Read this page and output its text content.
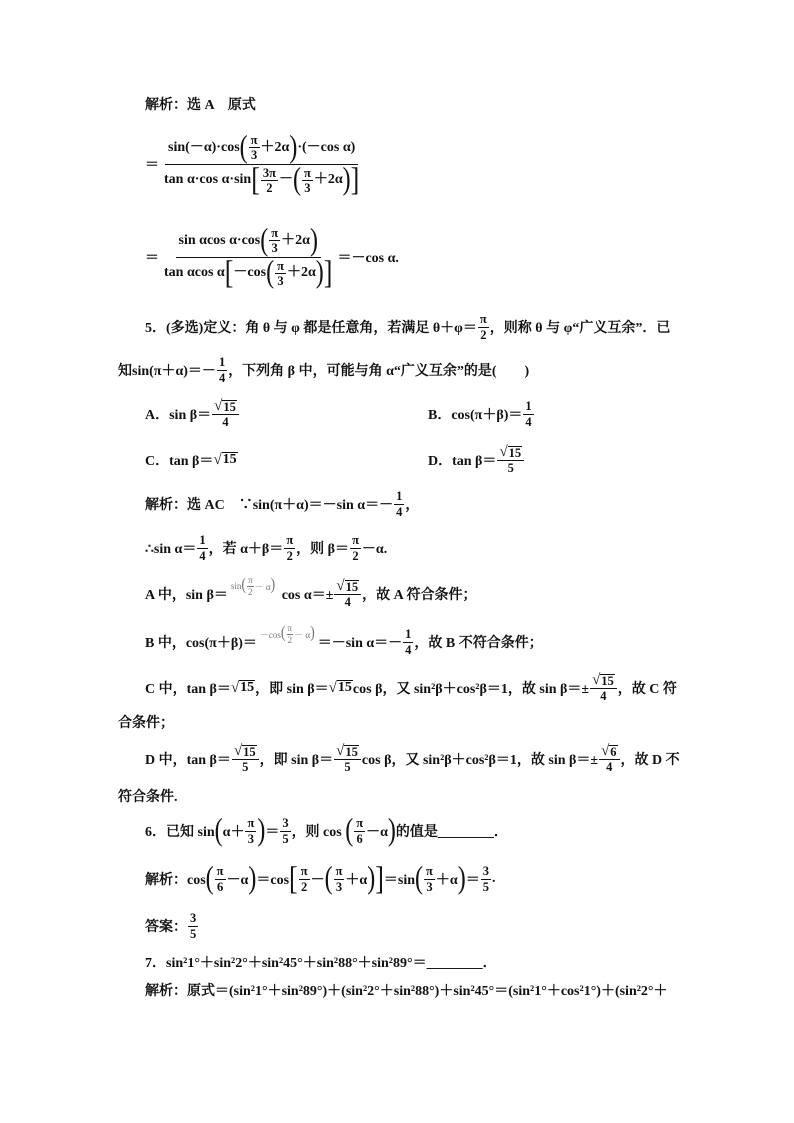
解析：选 A　原式
＝
sin(－α)·cos ( $\frac{\pi}{3} +2\alpha$ ) ·(－cos α)
tan α·cos α·sin [ $\frac{3\pi}{2}$ － ( $\frac{\pi}{3} +2\alpha$ ) ]
＝
sin αcos α·cos ( $\frac{\pi}{3} +2\alpha$ )
tan αcos α [ －cos ( $\frac{\pi}{3} +2\alpha$ ) ] ＝－cos α.
5．(多选)定义：角 θ 与 φ 都是任意角，若满足 $\theta+\varphi= \frac{\pi}{2}$ ，则称 θ 与 φ“广义互余”．已
知$\sin(\pi+\alpha)=- \frac{1}{4}$ ，下列角 β 中，可能与角 α“广义互余”的是(　　)
A．$\sin \beta= \frac{√ 15}{4}$	B．$\cos(\pi+\beta)= \frac{1}{4}$
C．tan β＝ √ 15	D．$\tan \beta= \frac{√ 15}{5}$
解析：选 AC　∵sin(π＋α)＝－sin $\alpha=- \frac{1}{4}$ ，
∴sin $\alpha= \frac{1}{4}$ ，若 $\alpha+\beta= \frac{\pi}{2}$ ，则 $\beta= \frac{\pi}{2} -\alpha$.
A 中，sin β＝
sin ( $\frac{\pi}{2} - \alpha$ )
$\cos \alpha=\pm \frac{√ 15}{4}$ ，故 A 符合条件；
B 中，cos(π＋β)＝
－cos ( $\frac{\pi}{2} - \alpha$ )
＝－sin $\alpha=- \frac{1}{4}$ ，故 B 不符合条件；
C 中，tan β＝ √ 15 ，即 sin β＝ √ 15 cos β，又 sin²β＋cos²β＝1，故 $\sin \beta=\pm \frac{√ 15}{4}$ ，故 C 符
合条件；
D 中，$\tan \beta= \frac{√ 15}{5}$ ，即 $\sin \beta= \frac{√ 15}{5}$ cos β，又 sin²β＋cos²β＝1，故 $\sin \beta=\pm \frac{√ 6}{4}$ ，故 D 不
符合条件.
6．已知 sin ( $\alpha+ \frac{\pi}{3}$ ) ＝ $\frac{3}{5}$ ，则 cos ( $\frac{\pi}{6} -\alpha$ ) 的值是________．
解析：cos ( $\frac{\pi}{6} -\alpha$ ) ＝cos [ $\frac{\pi}{2}$ － ( $\frac{\pi}{3} +\alpha$ ) ] ＝sin ( $\frac{\pi}{3} +\alpha$ ) ＝ $\frac{3}{5}$ .
答案： $\frac{3}{5}$
7．sin²1°＋sin²2°＋sin²45°＋sin²88°＋sin²89°＝________．
解析：原式＝(sin²1°＋sin²89°)＋(sin²2°＋sin²88°)＋sin²45°＝(sin²1°＋cos²1°)＋(sin²2°＋
